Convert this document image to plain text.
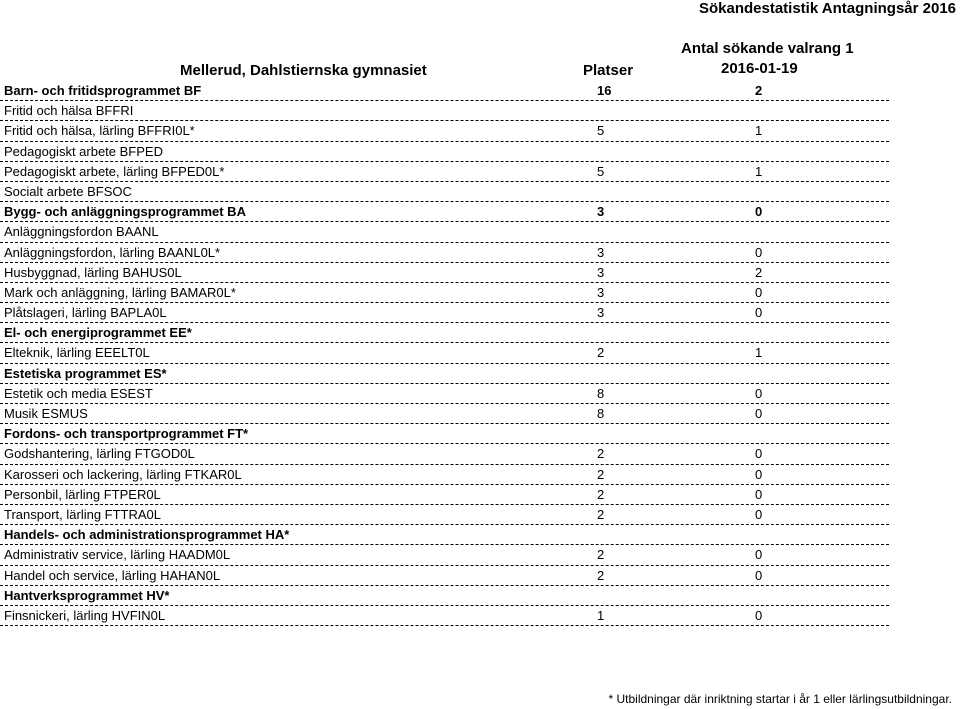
Sökandestatistik Antagningsår 2016
Mellerud, Dahlstiernska gymnasiet	Platser
Antal sökande valrang 1
2016-01-19
Barn- och fritidsprogrammet BF	16	2
Fritid och hälsa BFFRI
Fritid och hälsa, lärling BFFRI0L*	5	1
Pedagogiskt arbete BFPED
Pedagogiskt arbete, lärling BFPED0L*	5	1
Socialt arbete BFSOC
Bygg- och anläggningsprogrammet BA	3	0
Anläggningsfordon BAANL
Anläggningsfordon, lärling BAANL0L*	3	0
Husbyggnad, lärling BAHUS0L	3	2
Mark och anläggning, lärling BAMAR0L*	3	0
Plåtslageri, lärling BAPLA0L	3	0
El- och energiprogrammet EE*
Elteknik, lärling EEELT0L	2	1
Estetiska programmet ES*
Estetik och media ESEST	8	0
Musik ESMUS	8	0
Fordons- och transportprogrammet FT*
Godshantering, lärling FTGOD0L	2	0
Karosseri och lackering, lärling FTKAR0L	2	0
Personbil, lärling FTPER0L	2	0
Transport, lärling FTTRA0L	2	0
Handels- och administrationsprogrammet HA*
Administrativ service, lärling HAADM0L	2	0
Handel och service, lärling HAHAN0L	2	0
Hantverksprogrammet HV*
Finsnickeri, lärling HVFIN0L	1	0
* Utbildningar där inriktning startar i år 1 eller lärlingsutbildningar.
